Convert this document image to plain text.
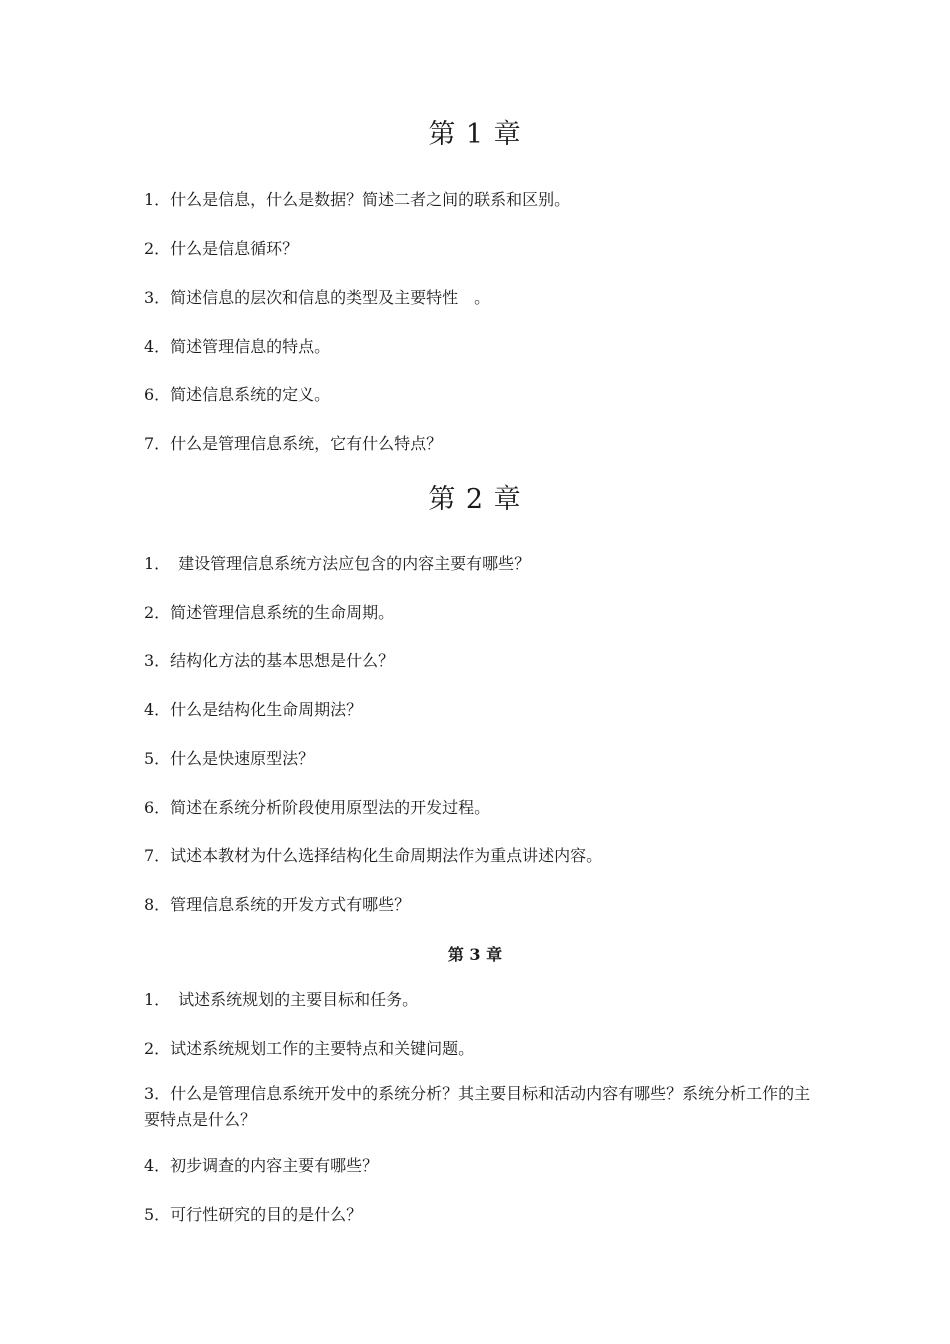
第 1 章

1．什么是信息，什么是数据？简述二者之间的联系和区别。

2．什么是信息循环？

3．简述信息的层次和信息的类型及主要特性　。

4．简述管理信息的特点。

6．简述信息系统的定义。

7．什么是管理信息系统，它有什么特点？

第 2 章

1．　建设管理信息系统方法应包含的内容主要有哪些？

2．简述管理信息系统的生命周期。

3．结构化方法的基本思想是什么？

4．什么是结构化生命周期法？

5．什么是快速原型法？

6．简述在系统分析阶段使用原型法的开发过程。

7．试述本教材为什么选择结构化生命周期法作为重点讲述内容。

8．管理信息系统的开发方式有哪些？

第 3 章

1．　试述系统规划的主要目标和任务。

2．试述系统规划工作的主要特点和关键问题。

3．什么是管理信息系统开发中的系统分析？其主要目标和活动内容有哪些？系统分析工作的主要特点是什么？

4．初步调查的内容主要有哪些？

5．可行性研究的目的是什么？
